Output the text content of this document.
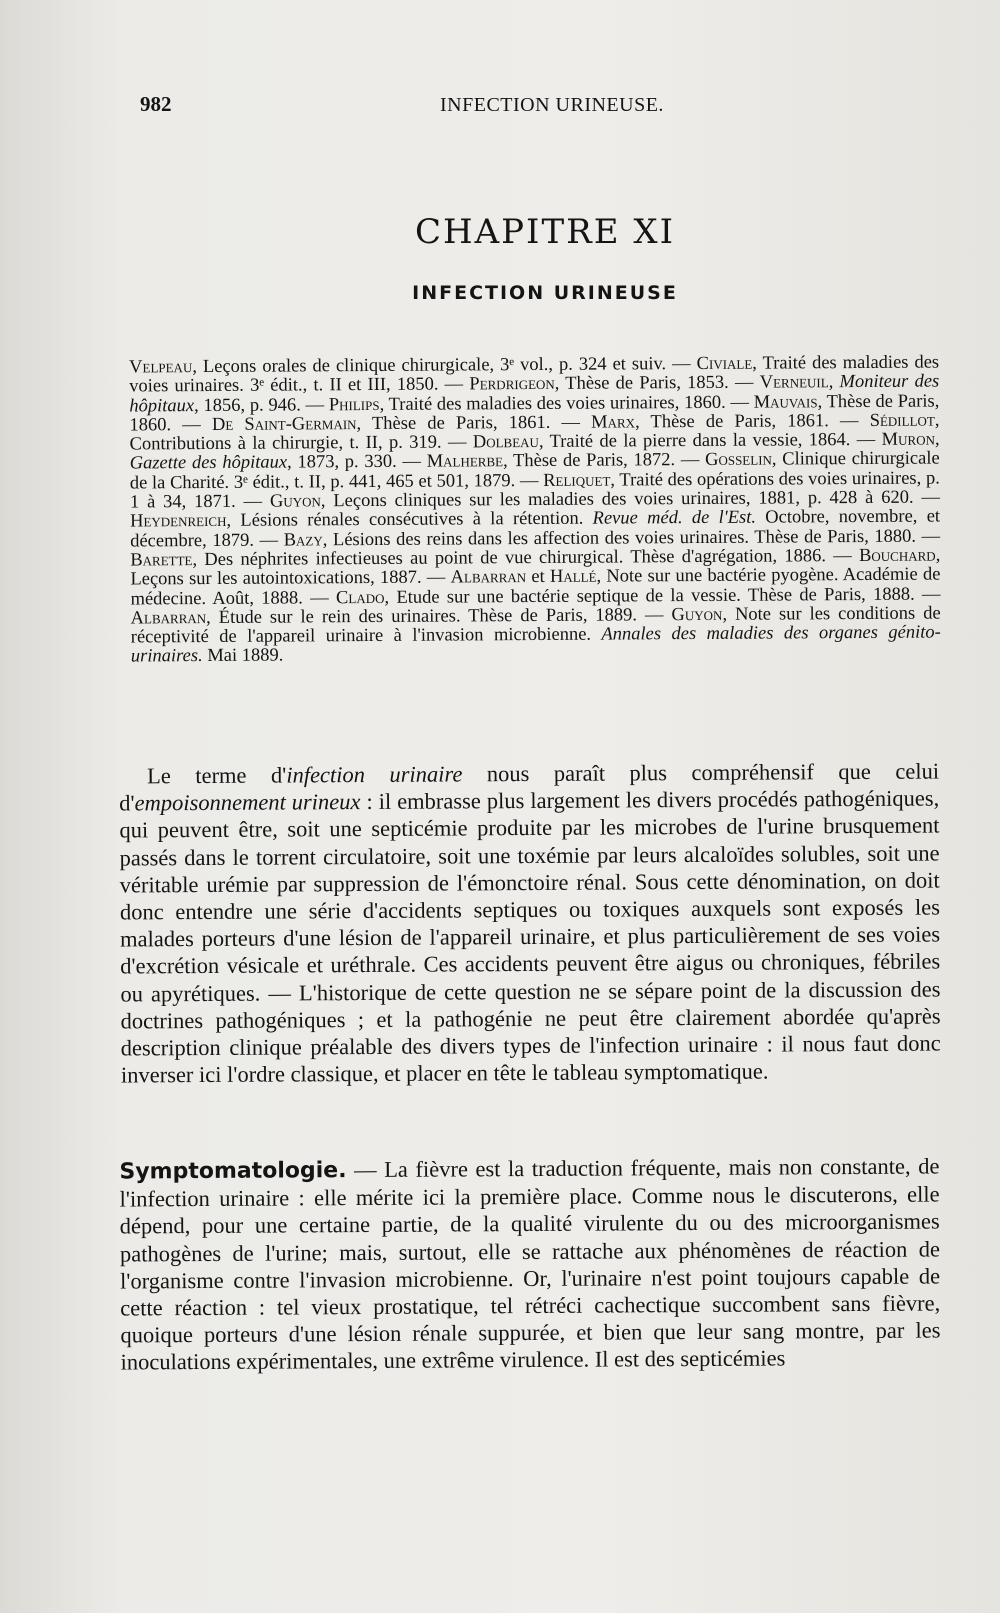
982	INFECTION URINEUSE.
CHAPITRE XI
INFECTION URINEUSE
Velpeau, Leçons orales de clinique chirurgicale, 3ᵉ vol., p. 324 et suiv. — Civiale, Traité des maladies des voies urinaires. 3ᵉ édit., t. II et III, 1850. — Perdrigeon, Thèse de Paris, 1853. — Verneuil, Moniteur des hôpitaux, 1856, p. 946. — Philips, Traité des maladies des voies urinaires, 1860. — Mauvais, Thèse de Paris, 1860. — De Saint-Germain, Thèse de Paris, 1861. — Marx, Thèse de Paris, 1861. — Sédillot, Contributions à la chirurgie, t. II, p. 319. — Dolbeau, Traité de la pierre dans la vessie, 1864. — Muron, Gazette des hôpitaux, 1873, p. 330. — Malherbe, Thèse de Paris, 1872. — Gosselin, Clinique chirurgicale de la Charité. 3ᵉ édit., t. II, p. 441, 465 et 501, 1879. — Reliquet, Traité des opérations des voies urinaires, p. 1 à 34, 1871. — Guyon, Leçons cliniques sur les maladies des voies urinaires, 1881, p. 428 à 620. — Heydenreich, Lésions rénales consécutives à la rétention. Revue méd. de l'Est. Octobre, novembre, et décembre, 1879. — Bazy, Lésions des reins dans les affection des voies urinaires. Thèse de Paris, 1880. — Barette, Des néphrites infectieuses au point de vue chirurgical. Thèse d'agrégation, 1886. — Bouchard, Leçons sur les autointoxications, 1887. — Albarran et Hallé, Note sur une bactérie pyogène. Académie de médecine. Août, 1888. — Clado, Etude sur une bactérie septique de la vessie. Thèse de Paris, 1888. — Albarran, Étude sur le rein des urinaires. Thèse de Paris, 1889. — Guyon, Note sur les conditions de réceptivité de l'appareil urinaire à l'invasion microbienne. Annales des maladies des organes génito-urinaires. Mai 1889.
Le terme d'infection urinaire nous paraît plus compréhensif que celui d'empoisonnement urineux : il embrasse plus largement les divers procédés pathogéniques, qui peuvent être, soit une septicémie produite par les microbes de l'urine brusquement passés dans le torrent circulatoire, soit une toxémie par leurs alcaloïdes solubles, soit une véritable urémie par suppression de l'émonctoire rénal. Sous cette dénomination, on doit donc entendre une série d'accidents septiques ou toxiques auxquels sont exposés les malades porteurs d'une lésion de l'appareil urinaire, et plus particulièrement de ses voies d'excrétion vésicale et uréthrale. Ces accidents peuvent être aigus ou chroniques, fébriles ou apyrétiques. — L'historique de cette question ne se sépare point de la discussion des doctrines pathogéniques ; et la pathogénie ne peut être clairement abordée qu'après description clinique préalable des divers types de l'infection urinaire : il nous faut donc inverser ici l'ordre classique, et placer en tête le tableau symptomatique.
Symptomatologie. — La fièvre est la traduction fréquente, mais non constante, de l'infection urinaire : elle mérite ici la première place. Comme nous le discuterons, elle dépend, pour une certaine partie, de la qualité virulente du ou des microorganismes pathogènes de l'urine; mais, surtout, elle se rattache aux phénomènes de réaction de l'organisme contre l'invasion microbienne. Or, l'urinaire n'est point toujours capable de cette réaction : tel vieux prostatique, tel rétréci cachectique succombent sans fièvre, quoique porteurs d'une lésion rénale suppurée, et bien que leur sang montre, par les inoculations expérimentales, une extrême virulence. Il est des septicémies
